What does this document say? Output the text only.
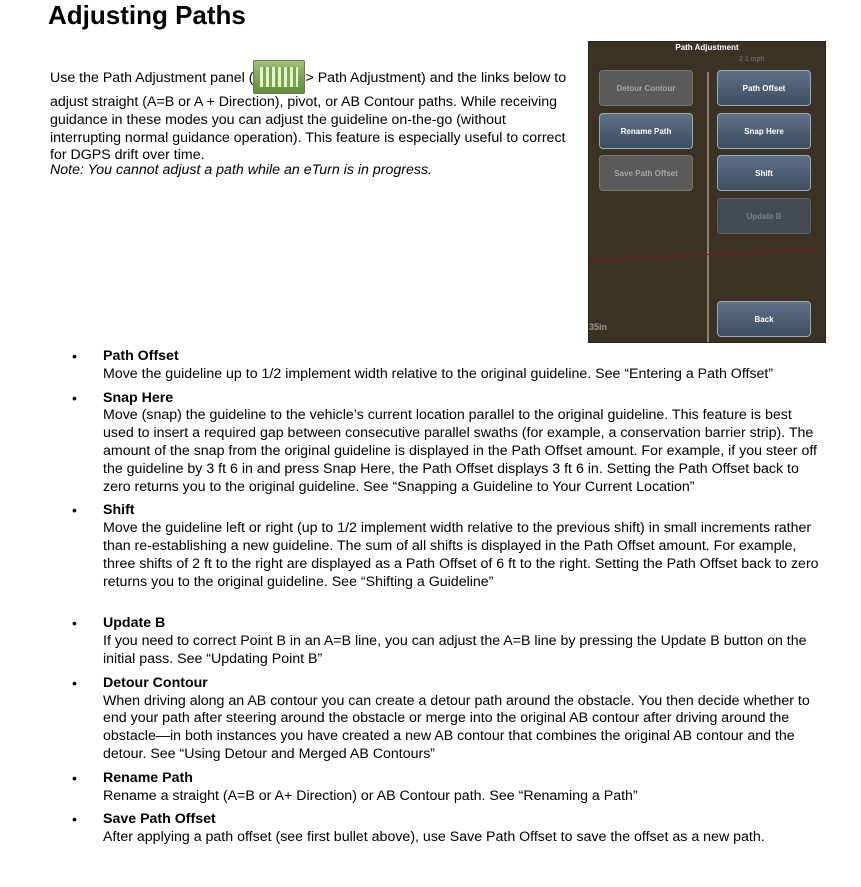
Adjusting Paths

Use the Path Adjustment panel (	> Path Adjustment) and the links below to adjust straight (A=B or A + Direction), pivot, or AB Contour paths. While receiving guidance in these modes you can adjust the guideline on-the-go (without interrupting normal guidance operation). This feature is especially useful to correct for DGPS drift over time.

Note: You cannot adjust a path while an eTurn is in progress.
Path Adjustment
2.1 mph
35in
Detour Contour	Path Offset
Rename Path	Snap Here
Save Path Offset	Shift
Update B
Back
• Path Offset
Move the guideline up to 1/2 implement width relative to the original guideline. See “Entering a Path Offset”
• Snap Here
Move (snap) the guideline to the vehicle’s current location parallel to the original guideline. This feature is best used to insert a required gap between consecutive parallel swaths (for example, a conservation barrier strip). The amount of the snap from the original guideline is displayed in the Path Offset amount. For example, if you steer off the guideline by 3 ft 6 in and press Snap Here, the Path Offset displays 3 ft 6 in. Setting the Path Offset back to zero returns you to the original guideline. See “Snapping a Guideline to Your Current Location”
• Shift
Move the guideline left or right (up to 1/2 implement width relative to the previous shift) in small increments rather than re-establishing a new guideline. The sum of all shifts is displayed in the Path Offset amount. For example, three shifts of 2 ft to the right are displayed as a Path Offset of 6 ft to the right. Setting the Path Offset back to zero returns you to the original guideline. See “Shifting a Guideline”
• Update B
If you need to correct Point B in an A=B line, you can adjust the A=B line by pressing the Update B button on the initial pass. See “Updating Point B”
• Detour Contour
When driving along an AB contour you can create a detour path around the obstacle. You then decide whether to end your path after steering around the obstacle or merge into the original AB contour after driving around the obstacle—in both instances you have created a new AB contour that combines the original AB contour and the detour. See “Using Detour and Merged AB Contours”
• Rename Path
Rename a straight (A=B or A+ Direction) or AB Contour path. See “Renaming a Path”
• Save Path Offset
After applying a path offset (see first bullet above), use Save Path Offset to save the offset as a new path.
